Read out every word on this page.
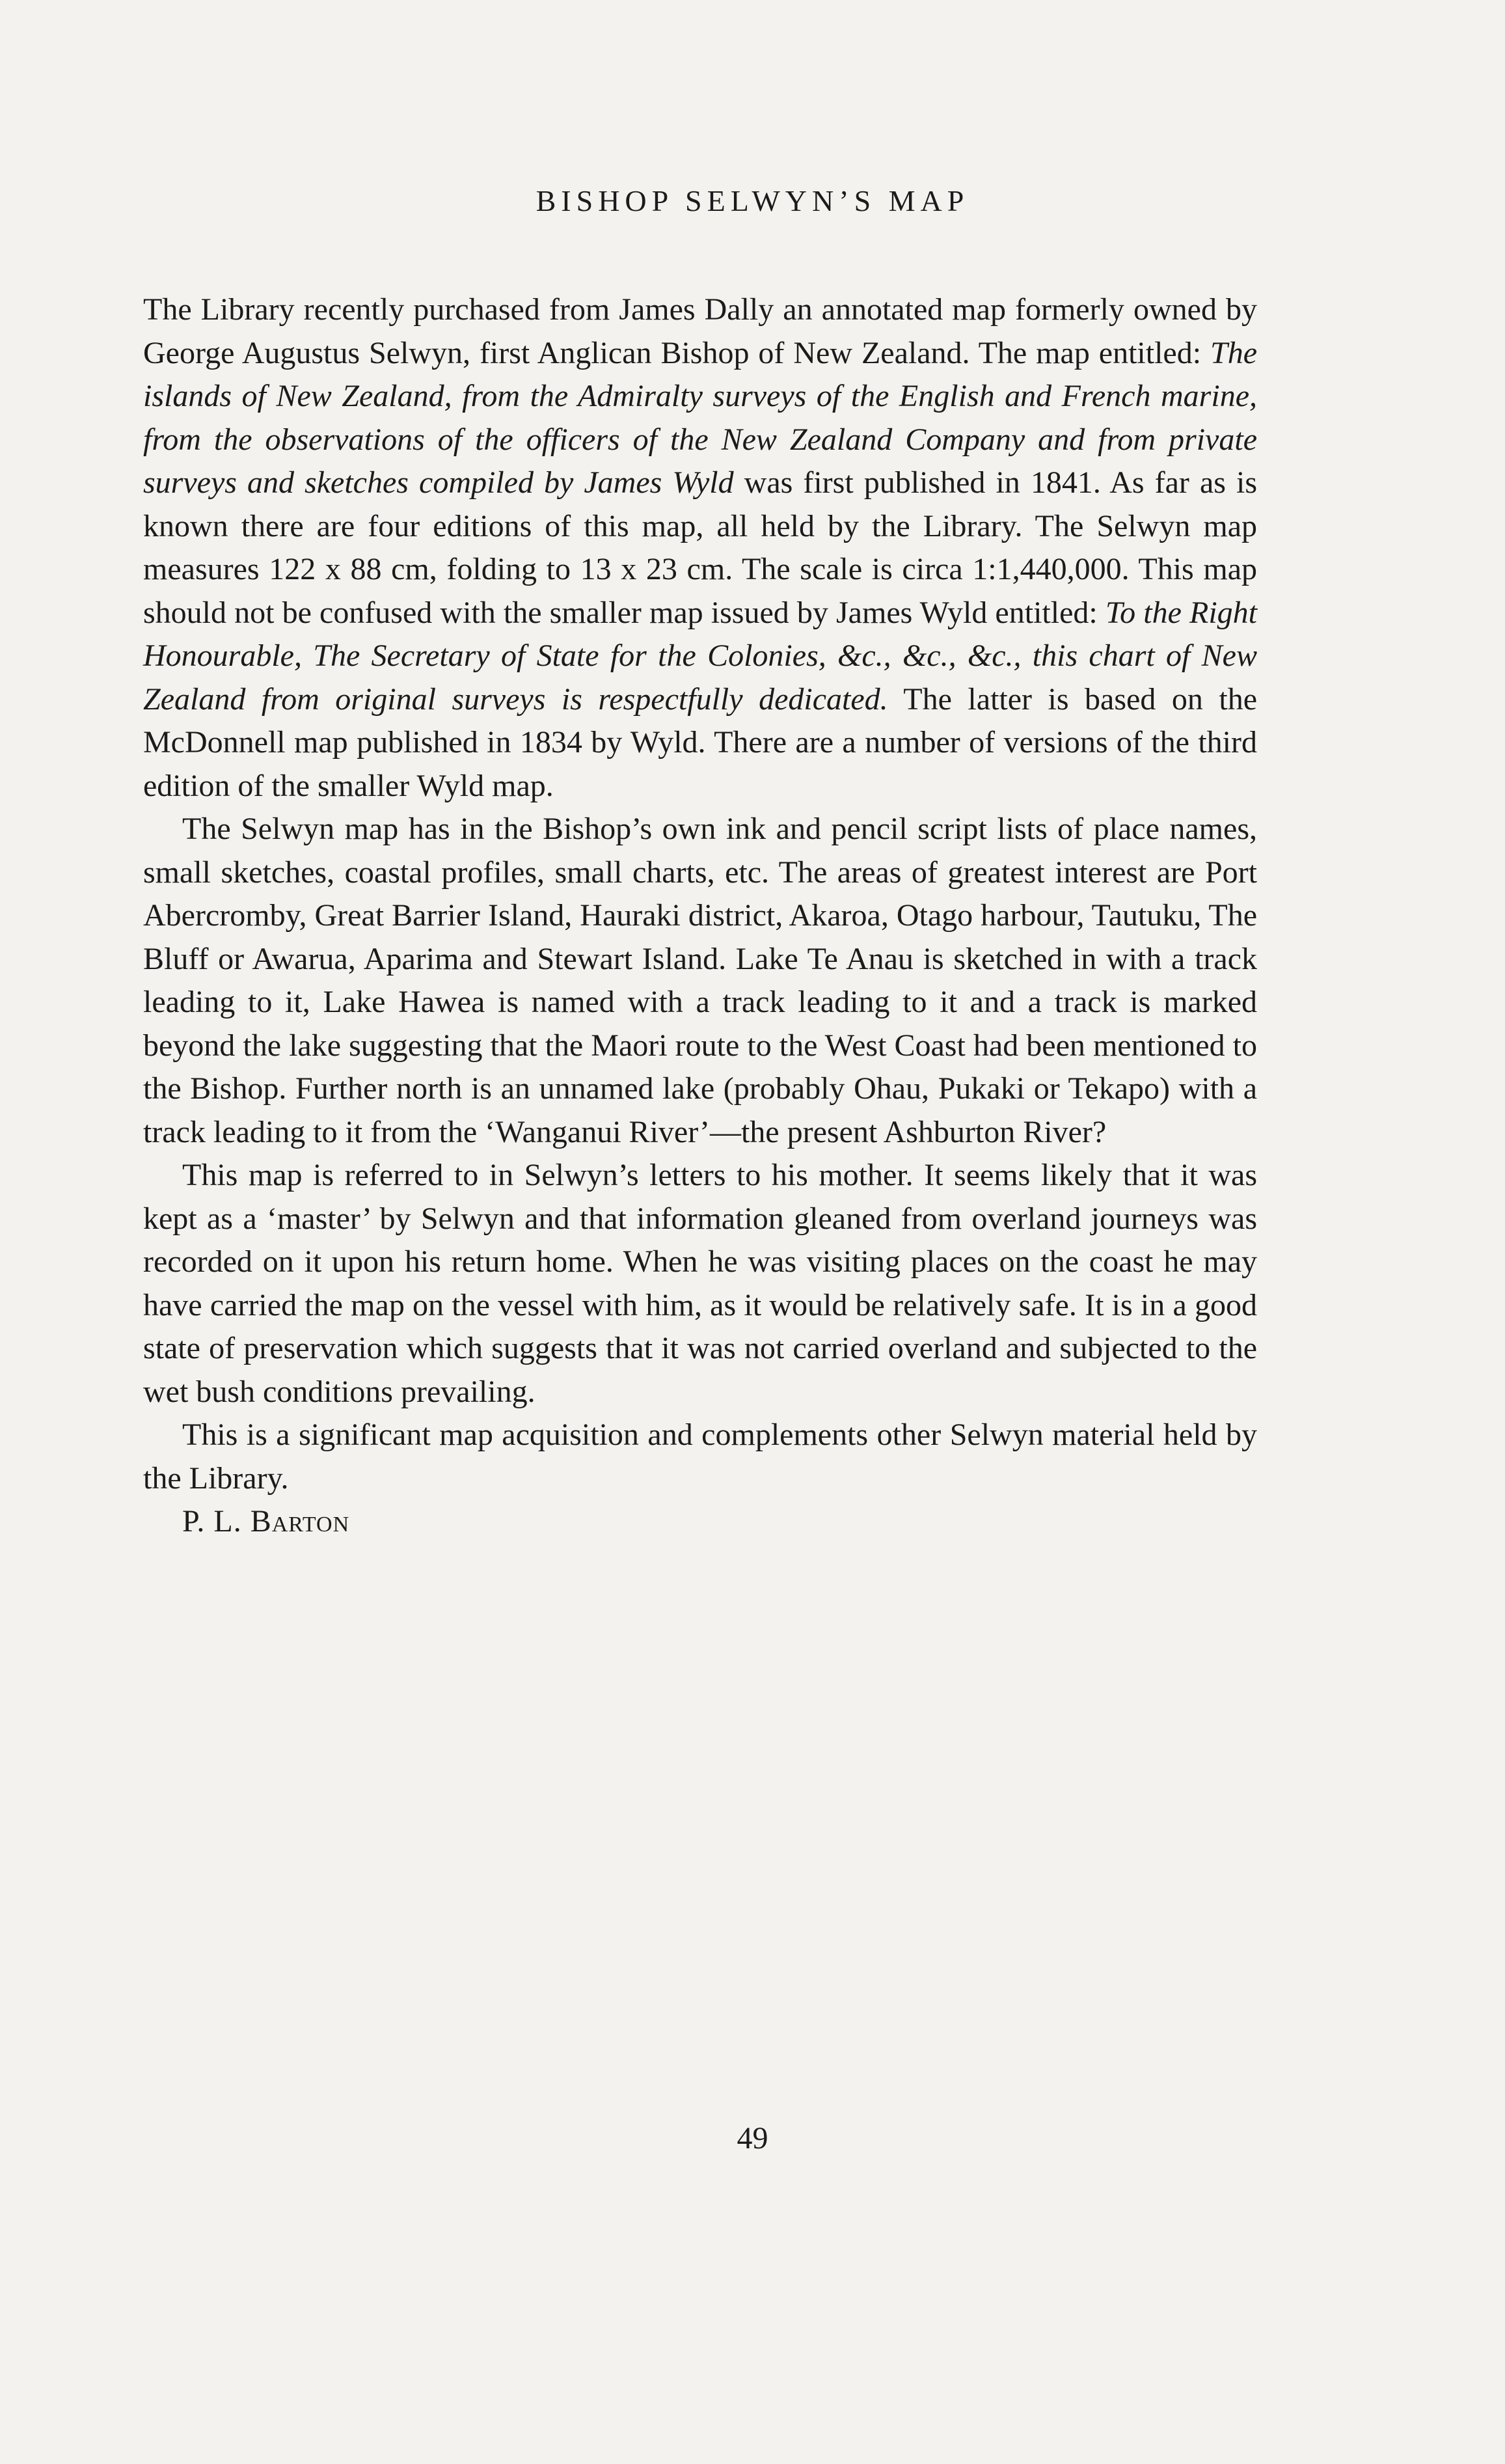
BISHOP SELWYN’S MAP

The Library recently purchased from James Dally an annotated map formerly owned by George Augustus Selwyn, first Anglican Bishop of New Zealand. The map entitled: The islands of New Zealand, from the Admiralty surveys of the English and French marine, from the observations of the officers of the New Zealand Company and from private surveys and sketches compiled by James Wyld was first published in 1841. As far as is known there are four editions of this map, all held by the Library. The Selwyn map measures 122 x 88 cm, folding to 13 x 23 cm. The scale is circa 1:1,440,000. This map should not be confused with the smaller map issued by James Wyld entitled: To the Right Honourable, The Secretary of State for the Colonies, &c., &c., &c., this chart of New Zealand from original surveys is respectfully dedicated. The latter is based on the McDonnell map published in 1834 by Wyld. There are a number of versions of the third edition of the smaller Wyld map.

The Selwyn map has in the Bishop’s own ink and pencil script lists of place names, small sketches, coastal profiles, small charts, etc. The areas of greatest interest are Port Abercromby, Great Barrier Island, Hauraki district, Akaroa, Otago harbour, Tautuku, The Bluff or Awarua, Aparima and Stewart Island. Lake Te Anau is sketched in with a track leading to it, Lake Hawea is named with a track leading to it and a track is marked beyond the lake suggesting that the Maori route to the West Coast had been mentioned to the Bishop. Further north is an unnamed lake (probably Ohau, Pukaki or Tekapo) with a track leading to it from the ‘Wanganui River’—the present Ashburton River?

This map is referred to in Selwyn’s letters to his mother. It seems likely that it was kept as a ‘master’ by Selwyn and that information gleaned from overland journeys was recorded on it upon his return home. When he was visiting places on the coast he may have carried the map on the vessel with him, as it would be relatively safe. It is in a good state of preservation which suggests that it was not carried overland and subjected to the wet bush conditions prevailing.

This is a significant map acquisition and complements other Selwyn material held by the Library.

P. L. Barton

49
